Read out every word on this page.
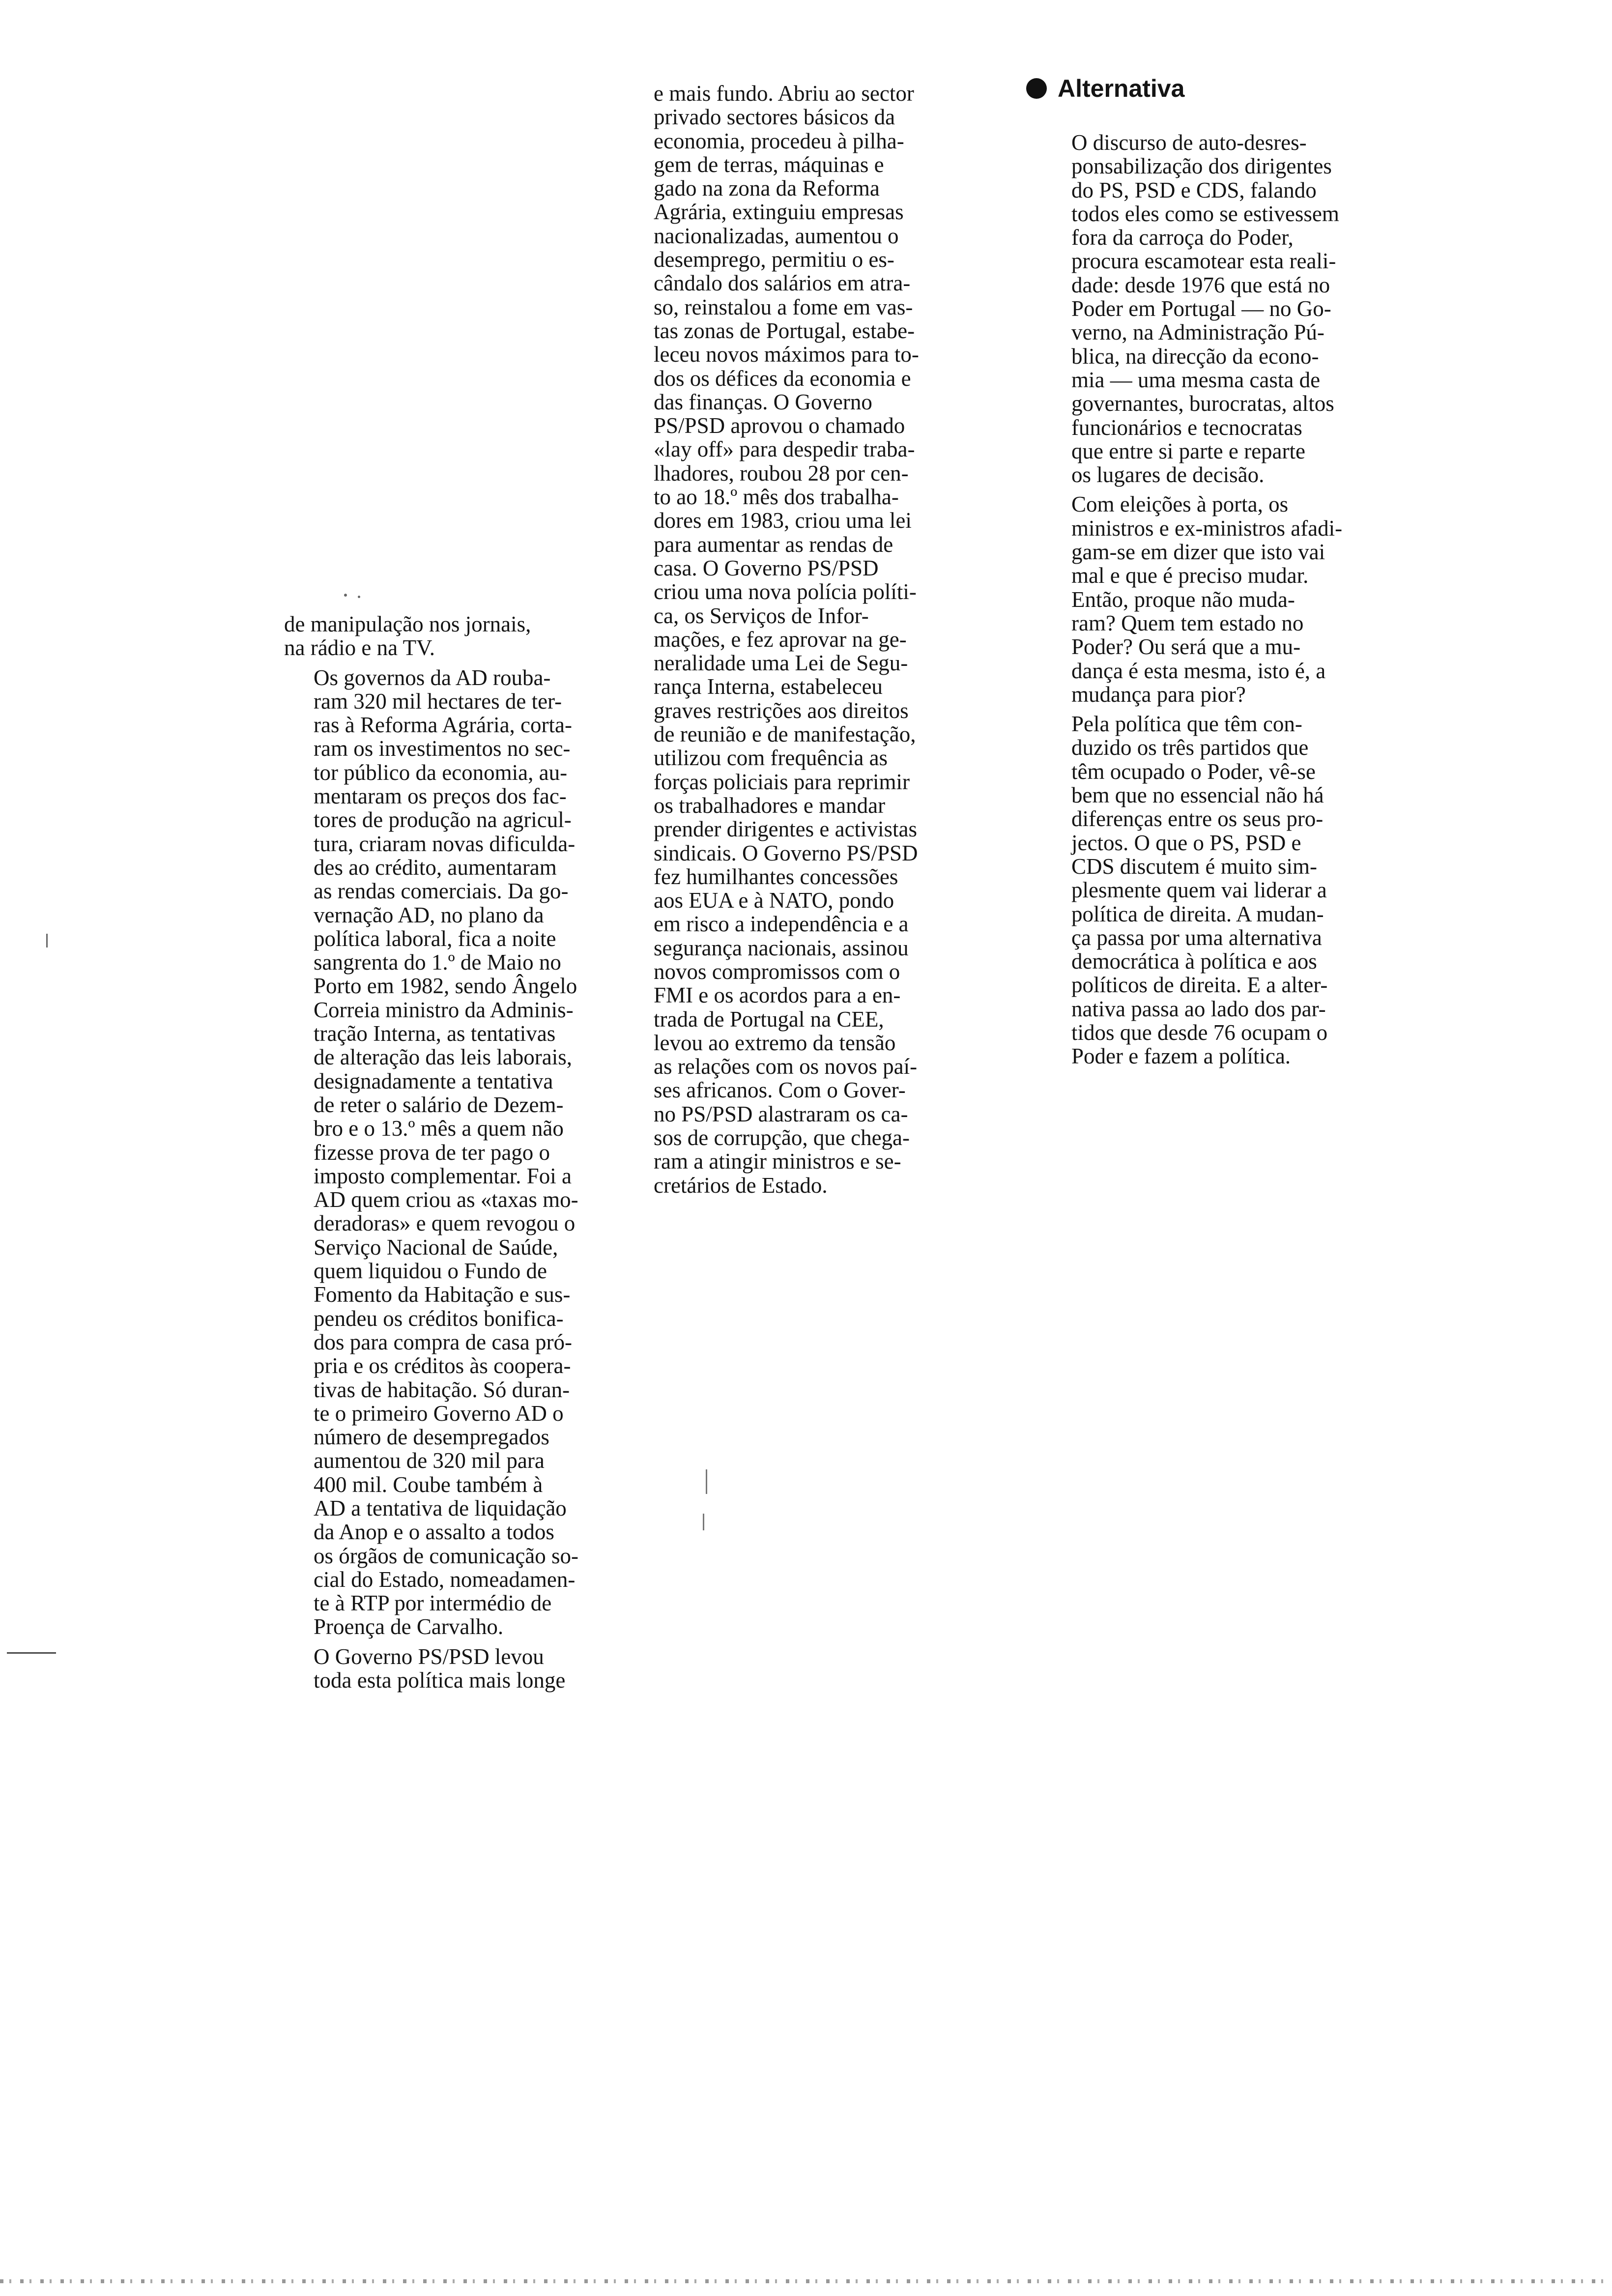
de manipulação nos jornais,
na rádio e na TV.

Os governos da AD rouba-
ram 320 mil hectares de ter-
ras à Reforma Agrária, corta-
ram os investimentos no sec-
tor público da economia, au-
mentaram os preços dos fac-
tores de produção na agricul-
tura, criaram novas dificulda-
des ao crédito, aumentaram
as rendas comerciais. Da go-
vernação AD, no plano da
política laboral, fica a noite
sangrenta do 1.º de Maio no
Porto em 1982, sendo Ângelo
Correia ministro da Adminis-
tração Interna, as tentativas
de alteração das leis laborais,
designadamente a tentativa
de reter o salário de Dezem-
bro e o 13.º mês a quem não
fizesse prova de ter pago o
imposto complementar. Foi a
AD quem criou as «taxas mo-
deradoras» e quem revogou o
Serviço Nacional de Saúde,
quem liquidou o Fundo de
Fomento da Habitação e sus-
pendeu os créditos bonifica-
dos para compra de casa pró-
pria e os créditos às coopera-
tivas de habitação. Só duran-
te o primeiro Governo AD o
número de desempregados
aumentou de 320 mil para
400 mil. Coube também à
AD a tentativa de liquidação
da Anop e o assalto a todos
os órgãos de comunicação so-
cial do Estado, nomeadamen-
te à RTP por intermédio de
Proença de Carvalho.

O Governo PS/PSD levou
toda esta política mais longe

Alternativa

e mais fundo. Abriu ao sector
privado sectores básicos da
economia, procedeu à pilha-
gem de terras, máquinas e
gado na zona da Reforma
Agrária, extinguiu empresas
nacionalizadas, aumentou o
desemprego, permitiu o es-
cândalo dos salários em atra-
so, reinstalou a fome em vas-
tas zonas de Portugal, estabe-
leceu novos máximos para to-
dos os défices da economia e
das finanças. O Governo
PS/PSD aprovou o chamado
«lay off» para despedir traba-
lhadores, roubou 28 por cen-
to ao 18.º mês dos trabalha-
dores em 1983, criou uma lei
para aumentar as rendas de
casa. O Governo PS/PSD
criou uma nova polícia políti-
ca, os Serviços de Infor-
mações, e fez aprovar na ge-
neralidade uma Lei de Segu-
rança Interna, estabeleceu
graves restrições aos direitos
de reunião e de manifestação,
utilizou com frequência as
forças policiais para reprimir
os trabalhadores e mandar
prender dirigentes e activistas
sindicais. O Governo PS/PSD
fez humilhantes concessões
aos EUA e à NATO, pondo
em risco a independência e a
segurança nacionais, assinou
novos compromissos com o
FMI e os acordos para a en-
trada de Portugal na CEE,
levou ao extremo da tensão
as relações com os novos paí-
ses africanos. Com o Gover-
no PS/PSD alastraram os ca-
sos de corrupção, que chega-
ram a atingir ministros e se-
cretários de Estado.

O discurso de auto-desres-
ponsabilização dos dirigentes
do PS, PSD e CDS, falando
todos eles como se estivessem
fora da carroça do Poder,
procura escamotear esta reali-
dade: desde 1976 que está no
Poder em Portugal — no Go-
verno, na Administração Pú-
blica, na direcção da econo-
mia — uma mesma casta de
governantes, burocratas, altos
funcionários e tecnocratas
que entre si parte e reparte
os lugares de decisão.

Com eleições à porta, os
ministros e ex-ministros afadi-
gam-se em dizer que isto vai
mal e que é preciso mudar.
Então, proque não muda-
ram? Quem tem estado no
Poder? Ou será que a mu-
dança é esta mesma, isto é, a
mudança para pior?

Pela política que têm con-
duzido os três partidos que
têm ocupado o Poder, vê-se
bem que no essencial não há
diferenças entre os seus pro-
jectos. O que o PS, PSD e
CDS discutem é muito sim-
plesmente quem vai liderar a
política de direita. A mudan-
ça passa por uma alternativa
democrática à política e aos
políticos de direita. E a alter-
nativa passa ao lado dos par-
tidos que desde 76 ocupam o
Poder e fazem a política.
